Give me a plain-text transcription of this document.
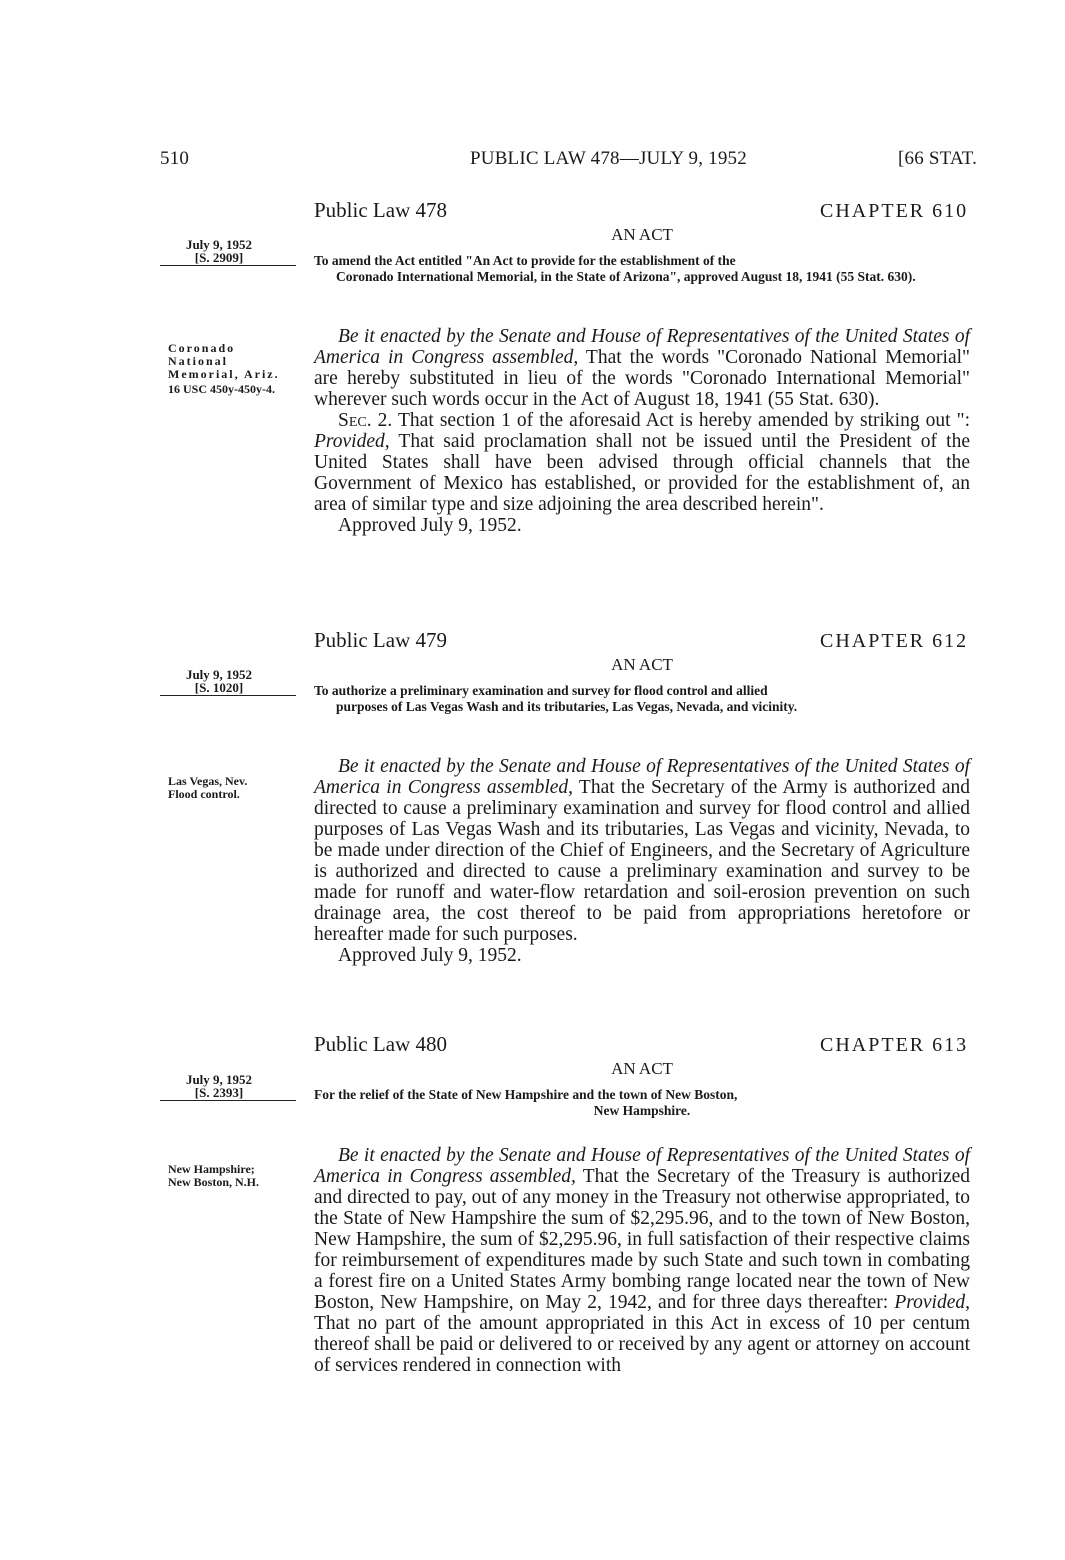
510	PUBLIC LAW 478—JULY 9, 1952	[66 STAT.
Public Law 478	CHAPTER 610
AN ACT
July 9, 1952
[S. 2909]	To amend the Act entitled "An Act to provide for the establishment of the
Coronado International Memorial, in the State of Arizona", approved August 18, 1941 (55 Stat. 630).
Coronado National Memorial, Ariz.
16 USC 450y-450y-4.

Be it enacted by the Senate and House of Representatives of the United States of America in Congress assembled, That the words "Coronado National Memorial" are hereby substituted in lieu of the words "Coronado International Memorial" wherever such words occur in the Act of August 18, 1941 (55 Stat. 630).

Sec. 2. That section 1 of the aforesaid Act is hereby amended by striking out ": Provided, That said proclamation shall not be issued until the President of the United States shall have been advised through official channels that the Government of Mexico has established, or provided for the establishment of, an area of similar type and size adjoining the area described herein".

Approved July 9, 1952.

Public Law 479	CHAPTER 612
AN ACT
July 9, 1952
[S. 1020]	To authorize a preliminary examination and survey for flood control and allied
purposes of Las Vegas Wash and its tributaries, Las Vegas, Nevada, and vicinity.
Las Vegas, Nev.
Flood control.

Be it enacted by the Senate and House of Representatives of the United States of America in Congress assembled, That the Secretary of the Army is authorized and directed to cause a preliminary examination and survey for flood control and allied purposes of Las Vegas Wash and its tributaries, Las Vegas and vicinity, Nevada, to be made under direction of the Chief of Engineers, and the Secretary of Agriculture is authorized and directed to cause a preliminary examination and survey to be made for runoff and water-flow retardation and soil-erosion prevention on such drainage area, the cost thereof to be paid from appropriations heretofore or hereafter made for such purposes.

Approved July 9, 1952.

Public Law 480	CHAPTER 613
AN ACT
July 9, 1952
[S. 2393]	For the relief of the State of New Hampshire and the town of New Boston,
New Hampshire.
New Hampshire;
New Boston, N.H.

Be it enacted by the Senate and House of Representatives of the United States of America in Congress assembled, That the Secretary of the Treasury is authorized and directed to pay, out of any money in the Treasury not otherwise appropriated, to the State of New Hampshire the sum of $2,295.96, and to the town of New Boston, New Hampshire, the sum of $2,295.96, in full satisfaction of their respective claims for reimbursement of expenditures made by such State and such town in combating a forest fire on a United States Army bombing range located near the town of New Boston, New Hampshire, on May 2, 1942, and for three days thereafter: Provided, That no part of the amount appropriated in this Act in excess of 10 per centum thereof shall be paid or delivered to or received by any agent or attorney on account of services rendered in connection with
